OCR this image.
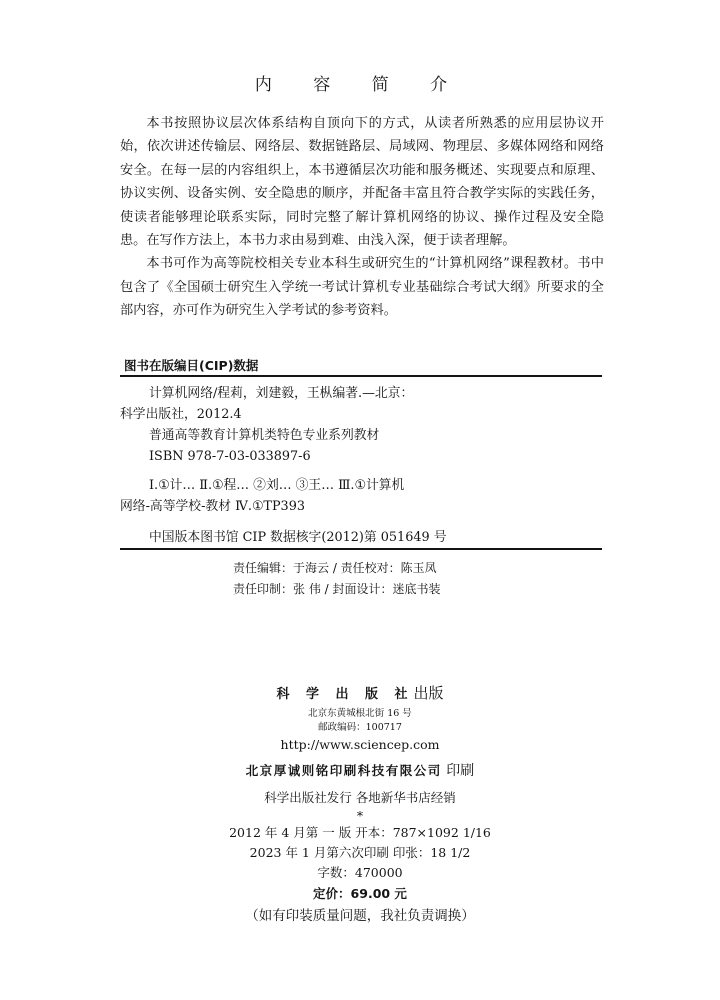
内 容 简 介

本书按照协议层次体系结构自顶向下的方式，从读者所熟悉的应用层协议开始，依次讲述传输层、网络层、数据链路层、局域网、物理层、多媒体网络和网络安全。在每一层的内容组织上，本书遵循层次功能和服务概述、实现要点和原理、协议实例、设备实例、安全隐患的顺序，并配备丰富且符合教学实际的实践任务，使读者能够理论联系实际，同时完整了解计算机网络的协议、操作过程及安全隐患。在写作方法上，本书力求由易到难、由浅入深，便于读者理解。

本书可作为高等院校相关专业本科生或研究生的“计算机网络”课程教材。书中包含了《全国硕士研究生入学统一考试计算机专业基础综合考试大纲》所要求的全部内容，亦可作为研究生入学考试的参考资料。

图书在版编目(CIP)数据
计算机网络/程莉，刘建毅，王枞编著.—北京：
科学出版社，2012.4
普通高等教育计算机类特色专业系列教材
ISBN 978-7-03-033897-6
Ⅰ.①计… Ⅱ.①程… ②刘… ③王… Ⅲ.①计算机
网络-高等学校-教材 Ⅳ.①TP393
中国版本图书馆 CIP 数据核字(2012)第 051649 号
责任编辑：于海云 / 责任校对：陈玉凤
责任印制：张 伟 / 封面设计：迷底书装
科 学 出 版 社出版
北京东黄城根北街 16 号
邮政编码：100717
http://www.sciencep.com
北京厚诚则铭印刷科技有限公司 印刷
科学出版社发行 各地新华书店经销
*
2012 年 4 月第 一 版 开本：787×1092 1/16
2023 年 1 月第六次印刷 印张：18 1/2
字数：470000
定价：69.00 元
（如有印装质量问题，我社负责调换）
